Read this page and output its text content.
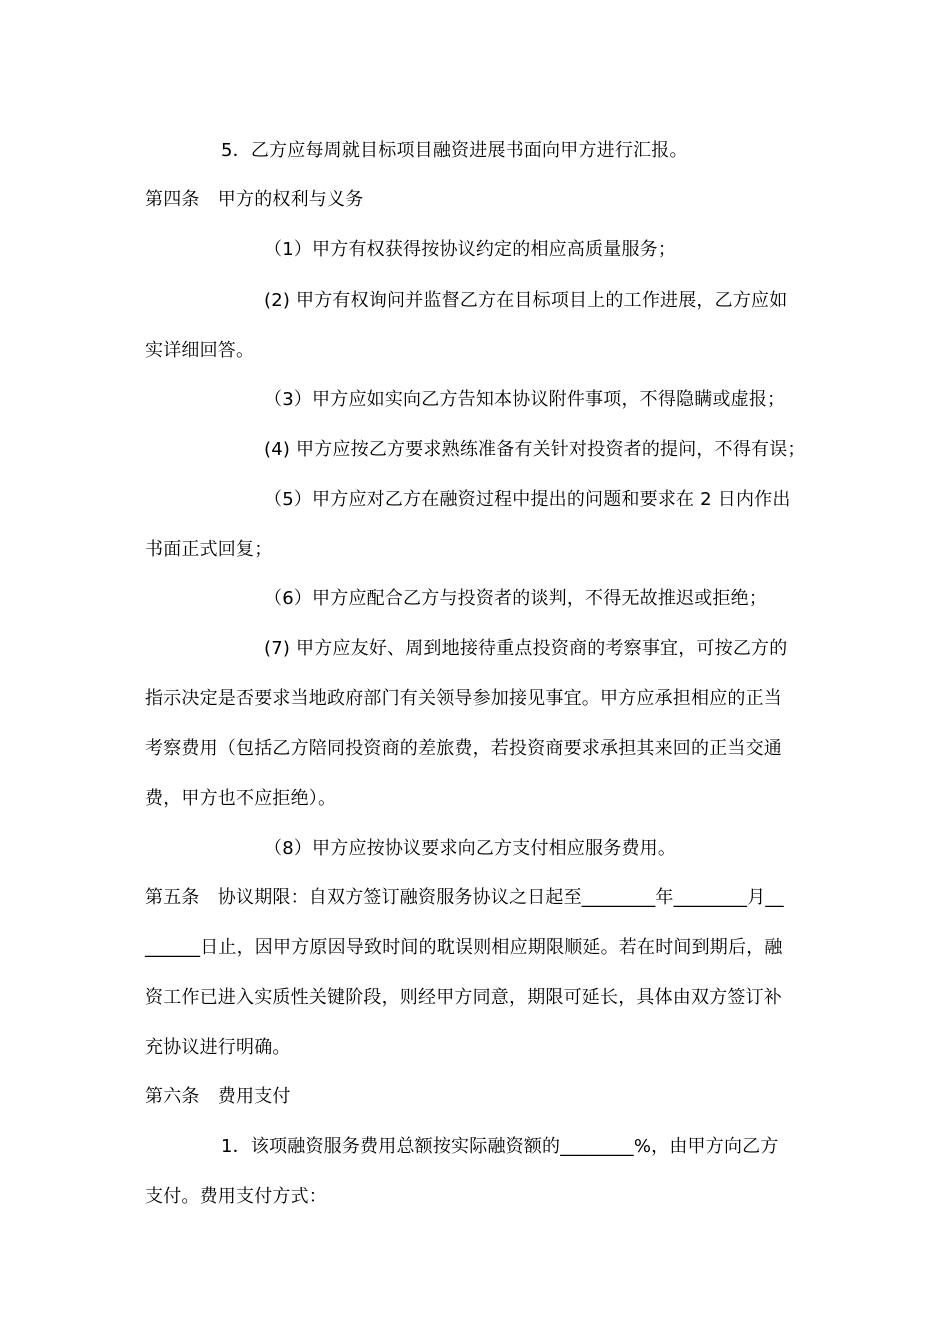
5．乙方应每周就目标项目融资进展书面向甲方进行汇报。
第四条　甲方的权利与义务
（1）甲方有权获得按协议约定的相应高质量服务；
(2) 甲方有权询问并监督乙方在目标项目上的工作进展，乙方应如
实详细回答。
（3）甲方应如实向乙方告知本协议附件事项，不得隐瞒或虚报；
(4) 甲方应按乙方要求熟练准备有关针对投资者的提问，不得有误；
（5）甲方应对乙方在融资过程中提出的问题和要求在 2 日内作出
书面正式回复；
（6）甲方应配合乙方与投资者的谈判，不得无故推迟或拒绝；
(7) 甲方应友好、周到地接待重点投资商的考察事宜，可按乙方的
指示决定是否要求当地政府部门有关领导参加接见事宜。甲方应承担相应的正当
考察费用（包括乙方陪同投资商的差旅费，若投资商要求承担其来回的正当交通
费，甲方也不应拒绝）。
（8）甲方应按协议要求向乙方支付相应服务费用。
第五条　协议期限：自双方签订融资服务协议之日起至________年________月__
______日止，因甲方原因导致时间的耽误则相应期限顺延。若在时间到期后，融
资工作已进入实质性关键阶段，则经甲方同意，期限可延长，具体由双方签订补
充协议进行明确。
第六条　费用支付
1．该项融资服务费用总额按实际融资额的________%，由甲方向乙方
支付。费用支付方式：
